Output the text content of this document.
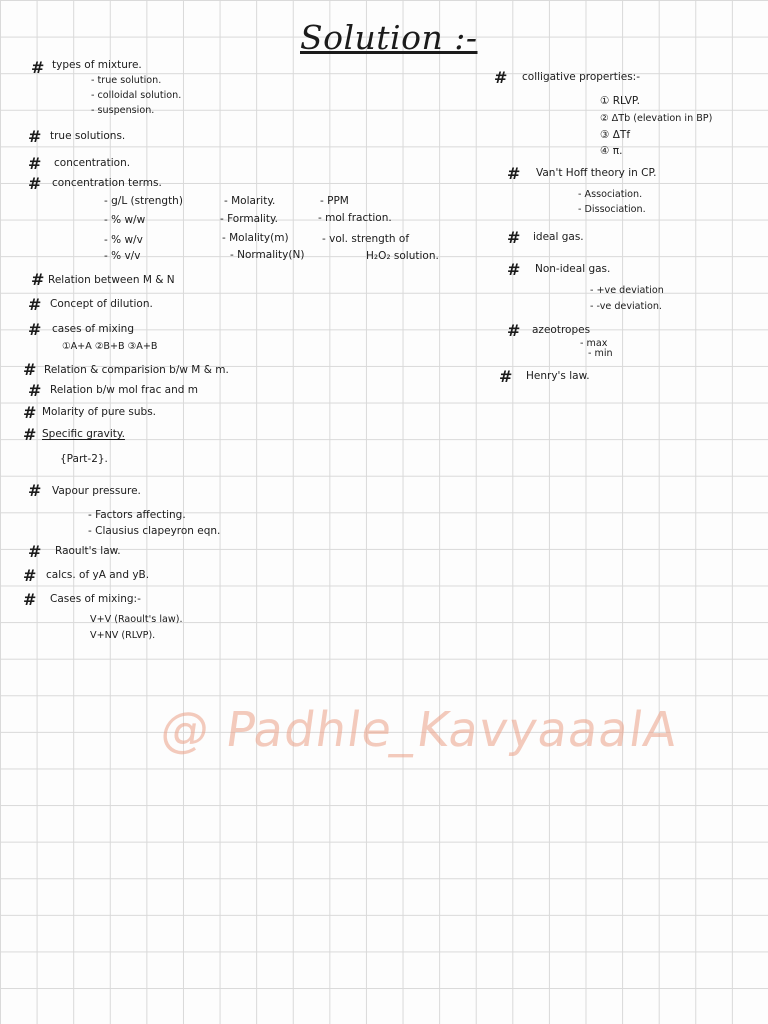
Solution :-
# types of mixture.
- true solution.
- colloidal solution.
- suspension.
# true solutions.
# concentration.
# concentration terms.
- g/L (strength)	- Molarity.	- PPM
- % w/w	- Formality.	- mol fraction.
- % w/v	- Molality(m)	- vol. strength of
- % v/v	- Normality(N)	H₂O₂ solution.
# Relation between M & N
# Concept of dilution.
# cases of mixing
①A+A ②B+B ③A+B
# Relation & comparision b/w M & m.
# Relation b/w mol frac and m
# Molarity of pure subs.
# Specific gravity.
{Part-2}.
# Vapour pressure.
- Factors affecting.
- Clausius clapeyron eqn.
# Raoult's law.
# calcs. of yA and yB.
# Cases of mixing:-
V+V (Raoult's law).
V+NV (RLVP).
# colligative properties:-
① RLVP.
② ΔTb (elevation in BP)
③ ΔTf
④ π.
# Van't Hoff theory in CP.
- Association.
- Dissociation.
# ideal gas.
# Non-ideal gas.
- +ve deviation
- -ve deviation.
# azeotropes
- max
- min
# Henry's law.
@ Padhle_KavyaaalA
